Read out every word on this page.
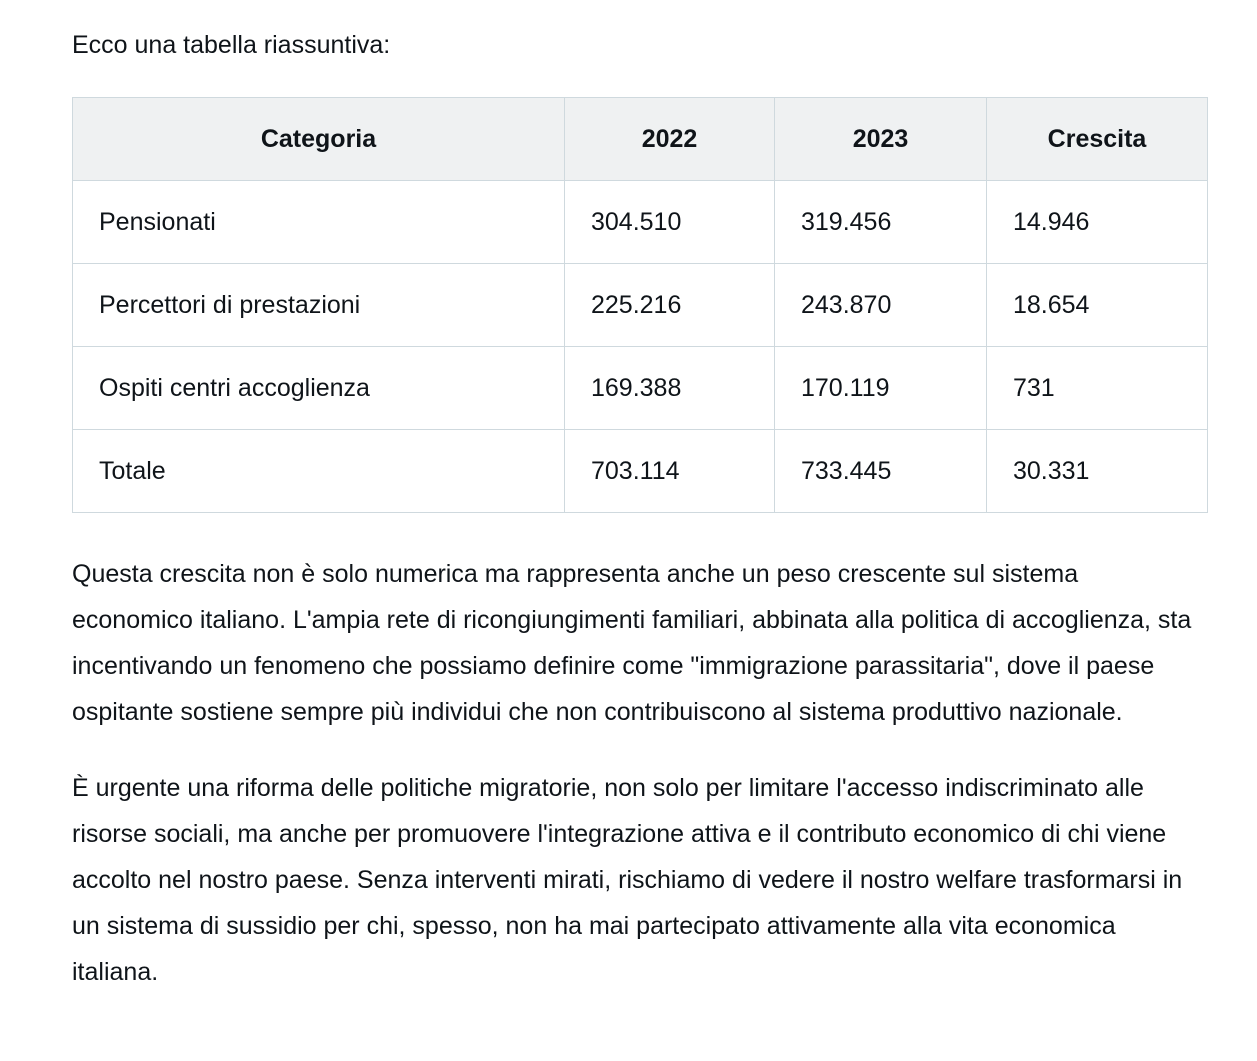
Ecco una tabella riassuntiva:

Categoria	2022	2023	Crescita
Pensionati	304.510	319.456	14.946
Percettori di prestazioni	225.216	243.870	18.654
Ospiti centri accoglienza	169.388	170.119	731
Totale	703.114	733.445	30.331

Questa crescita non è solo numerica ma rappresenta anche un peso crescente sul sistema economico italiano. L'ampia rete di ricongiungimenti familiari, abbinata alla politica di accoglienza, sta incentivando un fenomeno che possiamo definire come "immigrazione parassitaria", dove il paese ospitante sostiene sempre più individui che non contribuiscono al sistema produttivo nazionale.

È urgente una riforma delle politiche migratorie, non solo per limitare l'accesso indiscriminato alle risorse sociali, ma anche per promuovere l'integrazione attiva e il contributo economico di chi viene accolto nel nostro paese. Senza interventi mirati, rischiamo di vedere il nostro welfare trasformarsi in un sistema di sussidio per chi, spesso, non ha mai partecipato attivamente alla vita economica italiana.
